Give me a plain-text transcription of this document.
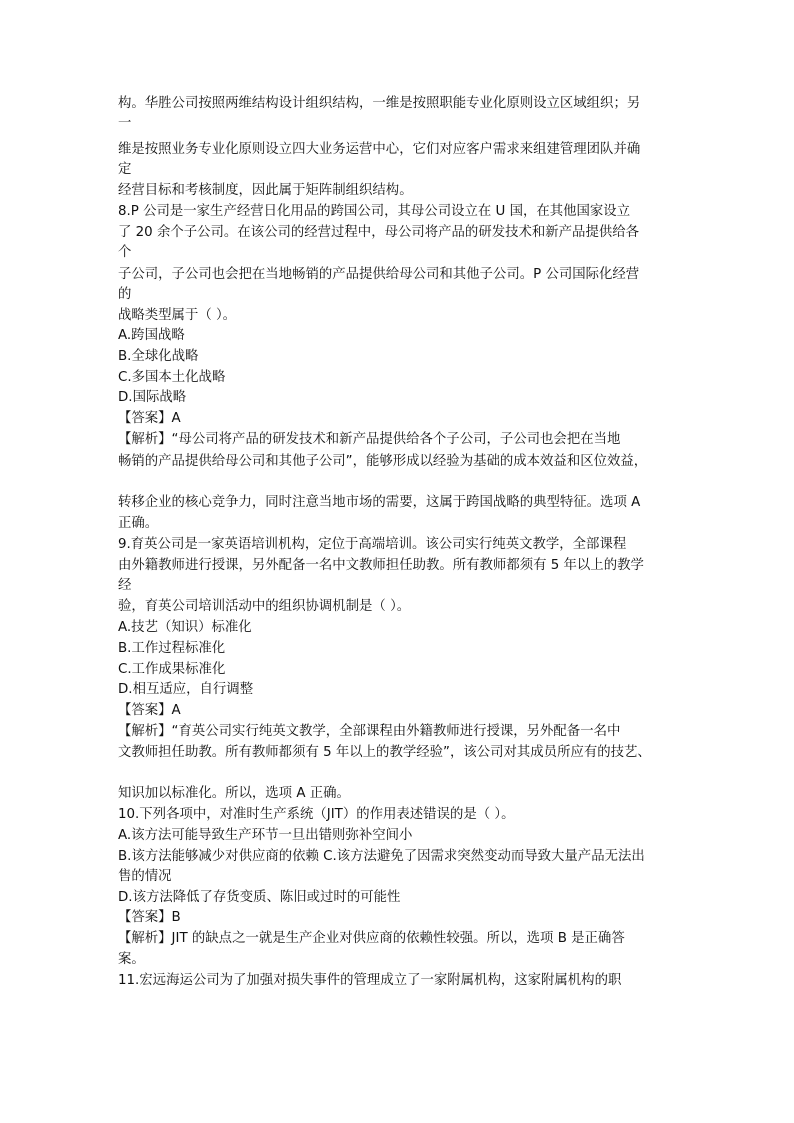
构。华胜公司按照两维结构设计组织结构，一维是按照职能专业化原则设立区域组织；另
一
维是按照业务专业化原则设立四大业务运营中心，它们对应客户需求来组建管理团队并确
定
经营目标和考核制度，因此属于矩阵制组织结构。
8.P 公司是一家生产经营日化用品的跨国公司，其母公司设立在 U 国，在其他国家设立
了 20 余个子公司。在该公司的经营过程中，母公司将产品的研发技术和新产品提供给各
个
子公司，子公司也会把在当地畅销的产品提供给母公司和其他子公司。P 公司国际化经营
的
战略类型属于（ ）。
A.跨国战略
B.全球化战略
C.多国本土化战略
D.国际战略
【答案】A
【解析】“母公司将产品的研发技术和新产品提供给各个子公司，子公司也会把在当地
畅销的产品提供给母公司和其他子公司”，能够形成以经验为基础的成本效益和区位效益，
转移企业的核心竞争力，同时注意当地市场的需要，这属于跨国战略的典型特征。选项 A
正确。
9.育英公司是一家英语培训机构，定位于高端培训。该公司实行纯英文教学，全部课程
由外籍教师进行授课，另外配备一名中文教师担任助教。所有教师都须有 5 年以上的教学
经
验，育英公司培训活动中的组织协调机制是（ ）。
A.技艺（知识）标准化
B.工作过程标准化
C.工作成果标准化
D.相互适应，自行调整
【答案】A
【解析】“育英公司实行纯英文教学，全部课程由外籍教师进行授课，另外配备一名中
文教师担任助教。所有教师都须有 5 年以上的教学经验”，该公司对其成员所应有的技艺、
知识加以标准化。所以，选项 A 正确。
10.下列各项中，对准时生产系统（JIT）的作用表述错误的是（ ）。
A.该方法可能导致生产环节一旦出错则弥补空间小
B.该方法能够减少对供应商的依赖 C.该方法避免了因需求突然变动而导致大量产品无法出
售的情况
D.该方法降低了存货变质、陈旧或过时的可能性
【答案】B
【解析】JIT 的缺点之一就是生产企业对供应商的依赖性较强。所以，选项 B 是正确答
案。
11.宏远海运公司为了加强对损失事件的管理成立了一家附属机构，这家附属机构的职
